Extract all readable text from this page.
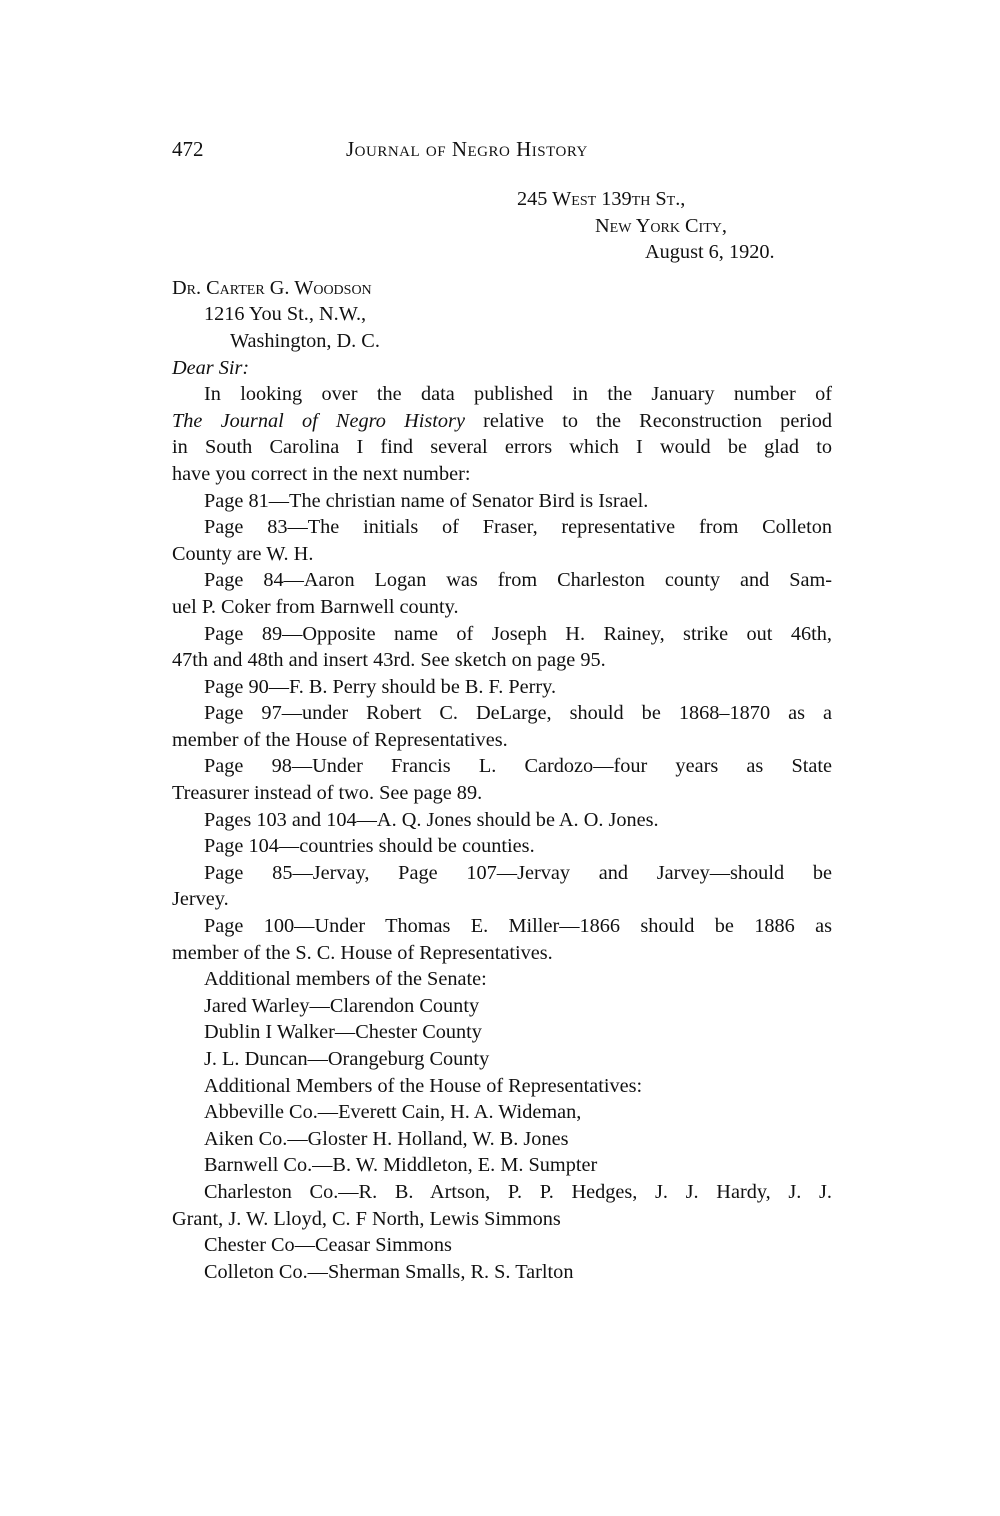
472	Journal of Negro History
245 West 139th St.,
New York City,
August 6, 1920.
Dr. Carter G. Woodson
1216 You St., N.W.,
Washington, D. C.
Dear Sir:
In looking over the data published in the January number of
The Journal of Negro History relative to the Reconstruction period
in South Carolina I find several errors which I would be glad to
have you correct in the next number:
Page 81—The christian name of Senator Bird is Israel.
Page 83—The initials of Fraser, representative from Colleton
County are W. H.
Page 84—Aaron Logan was from Charleston county and Sam-
uel P. Coker from Barnwell county.
Page 89—Opposite name of Joseph H. Rainey, strike out 46th,
47th and 48th and insert 43rd. See sketch on page 95.
Page 90—F. B. Perry should be B. F. Perry.
Page 97—under Robert C. DeLarge, should be 1868–1870 as a
member of the House of Representatives.
Page 98—Under Francis L. Cardozo—four years as State
Treasurer instead of two. See page 89.
Pages 103 and 104—A. Q. Jones should be A. O. Jones.
Page 104—countries should be counties.
Page 85—Jervay, Page 107—Jervay and Jarvey—should be
Jervey.
Page 100—Under Thomas E. Miller—1866 should be 1886 as
member of the S. C. House of Representatives.
Additional members of the Senate:
Jared Warley—Clarendon County
Dublin I Walker—Chester County
J. L. Duncan—Orangeburg County
Additional Members of the House of Representatives:
Abbeville Co.—Everett Cain, H. A. Wideman,
Aiken Co.—Gloster H. Holland, W. B. Jones
Barnwell Co.—B. W. Middleton, E. M. Sumpter
Charleston Co.—R. B. Artson, P. P. Hedges, J. J. Hardy, J. J.
Grant, J. W. Lloyd, C. F North, Lewis Simmons
Chester Co—Ceasar Simmons
Colleton Co.—Sherman Smalls, R. S. Tarlton
